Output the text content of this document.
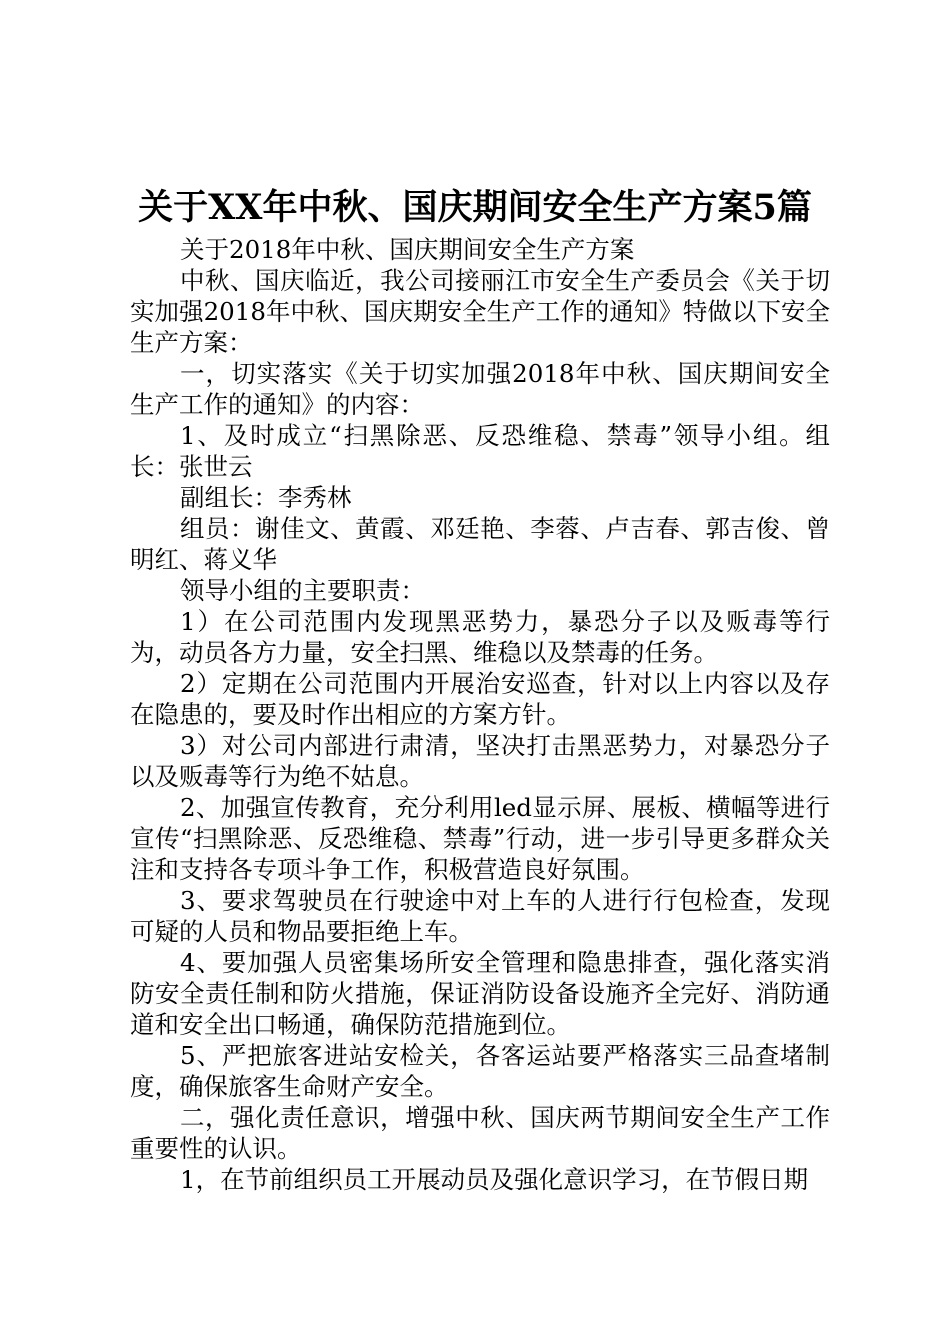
关于XX年中秋、国庆期间安全生产方案5篇

关于2018年中秋、国庆期间安全生产方案

中秋、国庆临近，我公司接丽江市安全生产委员会《关于切实加强2018年中秋、国庆期安全生产工作的通知》特做以下安全生产方案：

一，切实落实《关于切实加强2018年中秋、国庆期间安全生产工作的通知》的内容：

1、及时成立“扫黑除恶、反恐维稳、禁毒”领导小组。组长：张世云

副组长：李秀林

组员：谢佳文、黄霞、邓廷艳、李蓉、卢吉春、郭吉俊、曾明红、蒋义华

领导小组的主要职责：

1）在公司范围内发现黑恶势力，暴恐分子以及贩毒等行为，动员各方力量，安全扫黑、维稳以及禁毒的任务。

2）定期在公司范围内开展治安巡查，针对以上内容以及存在隐患的，要及时作出相应的方案方针。

3）对公司内部进行肃清，坚决打击黑恶势力，对暴恐分子以及贩毒等行为绝不姑息。

2、加强宣传教育，充分利用led显示屏、展板、横幅等进行宣传“扫黑除恶、反恐维稳、禁毒”行动，进一步引导更多群众关注和支持各专项斗争工作，积极营造良好氛围。

3、要求驾驶员在行驶途中对上车的人进行行包检查，发现可疑的人员和物品要拒绝上车。

4、要加强人员密集场所安全管理和隐患排查，强化落实消防安全责任制和防火措施，保证消防设备设施齐全完好、消防通道和安全出口畅通，确保防范措施到位。

5、严把旅客进站安检关，各客运站要严格落实三品查堵制度，确保旅客生命财产安全。

二，强化责任意识，增强中秋、国庆两节期间安全生产工作重要性的认识。

1，在节前组织员工开展动员及强化意识学习，在节假日期
